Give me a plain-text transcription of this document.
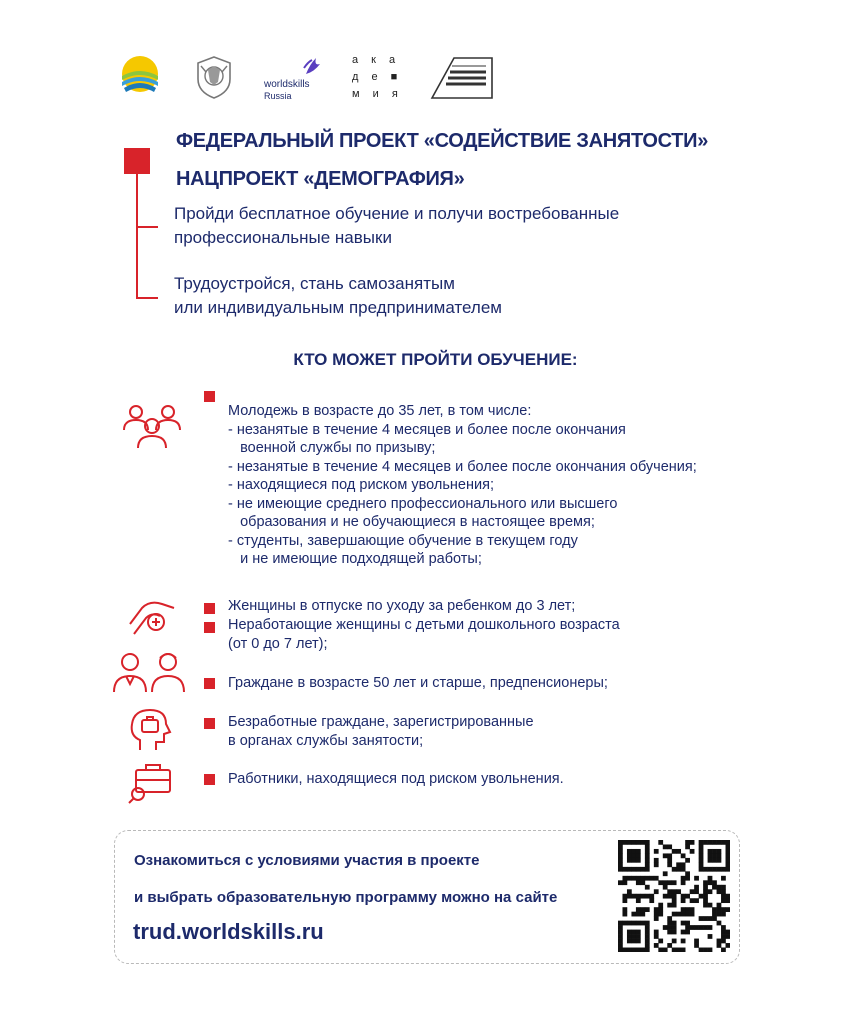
worldskills
Russia
а к а
д е ■
м и я
ФЕДЕРАЛЬНЫЙ ПРОЕКТ «СОДЕЙСТВИЕ ЗАНЯТОСТИ»
НАЦПРОЕКТ «ДЕМОГРАФИЯ»
Пройди бесплатное обучение и получи востребованные
профессиональные навыки
Трудоустройся, стань самозанятым
или индивидуальным предпринимателем
КТО МОЖЕТ ПРОЙТИ ОБУЧЕНИЕ:
Молодежь в возрасте до 35 лет, в том числе:
- незанятые в течение 4 месяцев и более после окончания
военной службы по призыву;
- незанятые в течение 4 месяцев и более после окончания обучения;
- находящиеся под риском увольнения;
- не имеющие среднего профессионального или высшего
образования и не обучающиеся в настоящее время;
- студенты, завершающие обучение в текущем году
и не имеющие подходящей работы;
Женщины в отпуске по уходу за ребенком до 3 лет;
Неработающие женщины с детьми дошкольного возраста
(от 0 до 7 лет);
Граждане в возрасте 50 лет и старше, предпенсионеры;
Безработные граждане, зарегистрированные
в органах службы занятости;
Работники, находящиеся под риском увольнения.
Ознакомиться с условиями участия в проекте
и выбрать образовательную программу можно на сайте
trud.worldskills.ru
